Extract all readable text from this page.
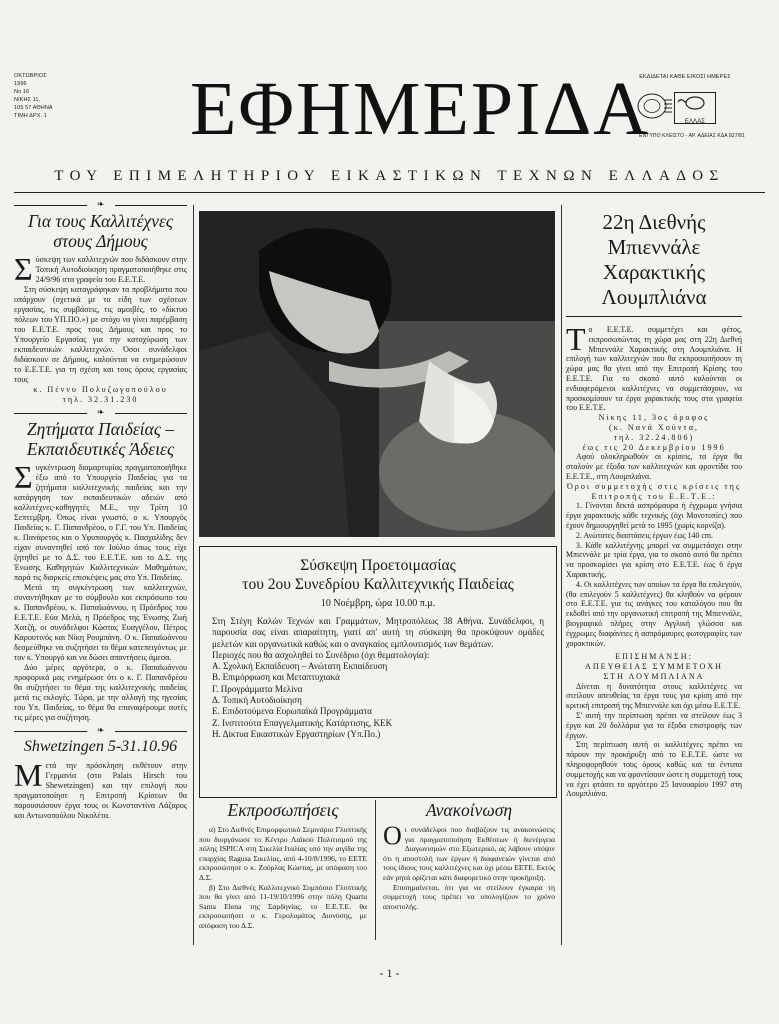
ΟΚΤΩΒΡΙΟΣ
1996
No 16
ΝΙΚΗΣ 11,
105 57 ΑΘΗΝΑ
ΤΙΜΗ ΔΡΧ. 1	ΕΦΗΜΕΡΙΔΑ
ΕΚΔΙΔΕΤΑΙ ΚΑΘΕ ΕΙΚΟΣΙ ΗΜΕΡΕΣ
ΕΛΛΑΣ
ΕΝΤΥΠΟ ΚΛΕΙΣΤΟ - ΑΡ. ΑΔΕΙΑΣ ΚΔΑ 827/81
ΤΟΥ ΕΠΙΜΕΛΗΤΗΡΙΟΥ ΕΙΚΑΣΤΙΚΩΝ ΤΕΧΝΩΝ ΕΛΛΑΔΟΣ
❧
Για τους Καλλιτέχνες στους Δήμους

Σύσκεψη των καλλιτεχνών που διδάσκουν στην Τοπική Αυτοδιοίκηση πραγματοποιήθηκε στις 24/9/96 στα γραφεία του Ε.Ε.Τ.Ε.

Στη σύσκεψη καταγράφηκαν τα προβλήματα που υπάρχουν (σχετικά με τα είδη των σχέσεων εργασίας, τις συμβάσεις, τις αμοιβές, το «δίκτυο πόλεων του ΥΠ.ΠΟ.») με στόχο να γίνει παρέμβαση του Ε.Ε.Τ.Ε. προς τους Δήμους και προς το Υπουργείο Εργασίας για την κατοχύρωση των εκπαιδευτικών καλλιτεχνών. Όσοι συνάδελφοι διδάσκουν σε Δήμους, καλούνται να ενημερώσουν το Ε.Ε.Τ.Ε. για τη σχέση και τους όρους εργασίας τους

κ. Πέννυ Πολυζωγοπούλου
τηλ. 32.31.230
❧
Ζητήματα Παιδείας – Εκπαιδευτικές Άδειες

Συγκέντρωση διαμαρτυρίας πραγματοποιήθηκε έξω από το Υπουργείο Παιδείας για τα ζητήματα καλλιτεχνικής παιδείας και την κατάργηση των εκπαιδευτικών αδειών από καλλιτέχνες-καθηγητές Μ.Ε., την Τρίτη 10 Σεπτεμβρη. Όπως είναι γνωστό, ο κ. Υπουργός Παιδείας κ. Γ. Παπανδρέου, ο Γ.Γ. του Υπ. Παιδείας κ. Πανάρετος και ο Υφυπουργός κ. Πασχαλίδης δεν είχαν συναντηθεί από τον Ιούλιο όπως τους είχε ζητηθεί με το Δ.Σ. του Ε.Ε.Τ.Ε. και το Δ.Σ. της Ένωσης Καθηγητών Καλλιτεχνικών Μαθημάτων, παρά τις διαρκείς επισκέψεις μας στο Υπ. Παιδείας.

Μετά τη συγκέντρωση των καλλιτεχνών, συναντήθηκαν με το σύμβουλο και εκπρόσωπο του κ. Παπανδρέου, κ. Παπαϊωάννου, η Πρόεδρος του Ε.Ε.Τ.Ε. Εύα Μελά, η Πρόεδρος της Ένωσης Ζωή Χατζή, οι συνάδελφοι Κώστας Ευαγγέλου, Πέτρος Καρουτινός και Νίκη Ρουμπάνη. Ο κ. Παπαϊωάννου δεσμεύθηκε να συζητήσει το θέμα κατεπειγόντως με τον κ. Υπουργό και να δώσει απαντήσεις άμεσα.

Δύο μέρες αργότερα, ο κ. Παπαϊωάννου προφορικά μας ενημέρωσε ότι ο κ. Γ. Παπανδρέου θα συζητήσει το θέμα της καλλιτεχνικής παιδείας μετά τις εκλογές. Τώρα, με την αλλαγή της ηγεσίας του Υπ. Παιδείας, το θέμα θα επαναφέρουμε αυτές τις μέρες για συζήτηση.

❧
Shwetzingen 5-31.10.96

Μετά την πρόσκληση εκθέτουν στην Γερμανία (στο Palais Hirsch του Shewetzingen) και την επιλογή που πραγματοποίησε η Επιτροπή Κρίσεων θα παρουσιάσουν έργα τους οι Κωνσταντίνα Λάζαρος και Αντωνοπούλου Νικολέτα.

Σύσκεψη Προετοιμασίας
του 2ου Συνεδρίου Καλλιτεχνικής Παιδείας
10 Νοέμβρη, ώρα 10.00 π.μ.

Στη Στέγη Καλών Τεχνών και Γραμμάτων, Μητροπόλεως 38 Αθήνα. Συνάδελφοι, η παρουσία σας είναι απαραίτητη, γιατί απ' αυτή τη σύσκεψη θα προκύψουν ομάδες μελετών και οργανωτικά καθώς και ο αναγκαίος εμπλουτισμός των θεμάτων.

Περιοχές που θα ασχοληθεί το Συνέδριο (όχι θεματολογία):

Α. Σχολική Εκπαίδευση – Ανώτατη Εκπαίδευση
Β. Επιμόρφωση και Μεταπτυχιακά
Γ. Προγράμματα Μελίνα
Δ. Τοπική Αυτοδιοίκηση
Ε. Επιδοτούμενα Ευρωπαϊκά Προγράμματα
Ζ. Ινστιτούτα Επαγγελματικής Κατάρτισης, ΚΕΚ
Η. Δίκτυα Εικαστικών Εργαστηρίων (Υπ.Πο.)
Εκπροσωπήσεις

α) Στο Διεθνές Επιμορφωτικό Σεμινάριο Γλυπτικής που διοργάνωσε το Κέντρο Λαϊκού Πολιτισμού της πόλης ISPICA στη Σικελία Ιταλίας υπό την αιγίδα της επαρχίας Ragusa Σικελίας, από 4-10/8/1996, το ΕΕΤΕ εκπροσώπησε ο κ. Ζούρλας Κώστας, με απόφαση του Δ.Σ.

β) Στο Διεθνές Καλλιτεχνικό Συμπόσιο Γλυπτικής που θα γίνει από 11-19/10/1996 στην πόλη Quartu Santa Elena της Σαρδηνίας, το Ε.Ε.Τ.Ε. θα εκπροσωπήσει ο κ. Γερολυμάτος Διονύσης, με απόφαση του Δ.Σ.

Ανακοίνωση

Οι συνάδελφοι που διαβάζουν τις ανακοινώσεις για πραγματοποίηση Εκθέσεων ή διενέργεια Διαγωνισμών στο Εξωτερικό, ας λάβουν υπόψιν ότι η αποστολή των έργων ή διαφανειών γίνεται από τους ίδιους τους καλλιτέχνες και όχι μέσω ΕΕΤΕ. Εκτός εάν ρητά ορίζεται κάτι διαφορετικό στην προκήρυξη.

Επισημαίνεται, ότι για να στείλουν έγκαιρα τη συμμετοχή τους πρέπει να υπολογίζουν το χρόνο αποστολής.

22η Διεθνής Μπιεννάλε Χαρακτικής Λουμπλιάνα

Το Ε.Ε.Τ.Ε. συμμετέχει και φέτος, εκπροσωπώντας τη χώρα μας στη 22η Διεθνή Μπιεννάλε Χαρακτικής στη Λουμπλιάνα. Η επιλογή των καλλιτεχνών που θα εκπροσωπήσουν τη χώρα μας θα γίνει από την Επιτροπή Κρίσης του Ε.Ε.Τ.Ε. Για το σκοπό αυτό καλούνται οι ενδιαφερόμενοι καλλιτέχνες να συμμετάσχουν, να προσκομίσουν τα έργα χαρακτικής τους στα γραφεία του Ε.Ε.Τ.Ε.

Νίκης 11, 3ος όροφος
(κ. Νανά Χούντα,
τηλ. 32.24.806)
έως τις 20 Δεκεμβρίου 1996

Αφού ολοκληρωθούν οι κρίσεις, τα έργα θα σταλούν με έξοδα των καλλιτεχνών και φροντίδα του Ε.Ε.Τ.Ε., στη Λουμπλιάνα.

Όροι συμμετοχής στις κρίσεις της Επιτροπής του Ε.Ε.Τ.Ε.:

1. Γίνονται δεκτά ασπρόμαυρα ή έγχρωμα γνήσια έργα χαρακτικής κάθε τεχνικής (όχι Μονοτυπίες) που έχουν δημιουργηθεί μετά το 1995 (χωρίς κορνίζα).

2. Ανώτατες διαστάσεις έργων έως 140 cm.

3. Κάθε καλλιτέχνης μπορεί να συμμετάσχει στην Μπιεννάλε με τρία έργα, για το σκοπό αυτό θα πρέπει να προσκομίσει για κρίση στο Ε.Ε.Τ.Ε. έως 6 έργα Χαρακτικής.

4. Οι καλλιτέχνες των οποίων τα έργα θα επιλεγούν, (θα επιλεγούν 5 καλλιτέχνες) θα κληθούν να φέρουν στο Ε.Ε.Τ.Ε. για τις ανάγκες του καταλόγου που θα εκδοθεί από την οργανωτική επιτροπή της Μπιεννάλε, βιογραφικό πλήρες στην Αγγλική γλώσσα και έγχρωμες διαφάνειες ή ασπρόμαυρες φωτογραφίες των χαρακτικών.

ΕΠΙΣΗΜΑΝΣΗ:
ΑΠΕΥΘΕΙΑΣ ΣΥΜΜΕΤΟΧΗ
ΣΤΗ ΛΟΥΜΠΛΙΑΝΑ

Δίνεται η δυνατότητα στους καλλιτέχνες να στείλουν απευθείας τα έργα τους για κρίση από την κριτική επιτροπή της Μπιεννάλε και όχι μέσω Ε.Ε.Τ.Ε.

Σ' αυτή την περίπτωση πρέπει να στείλουν έως 3 έργα και 20 δολλάρια για τα έξοδα επιστροφής των έργων.

Στη περίπτωση αυτή οι καλλιτέχνες πρέπει να πάρουν την προκήρυξη από το Ε.Ε.Τ.Ε. ώστε να πληροφορηθούν τους όρους καθώς και τα έντυπα συμμετοχής και να φροντίσουν ώστε η συμμετοχή τους να έχει φτάσει το αργότερο 25 Ιανουαρίου 1997 στη Λουμπλιάνα.

- 1 -
